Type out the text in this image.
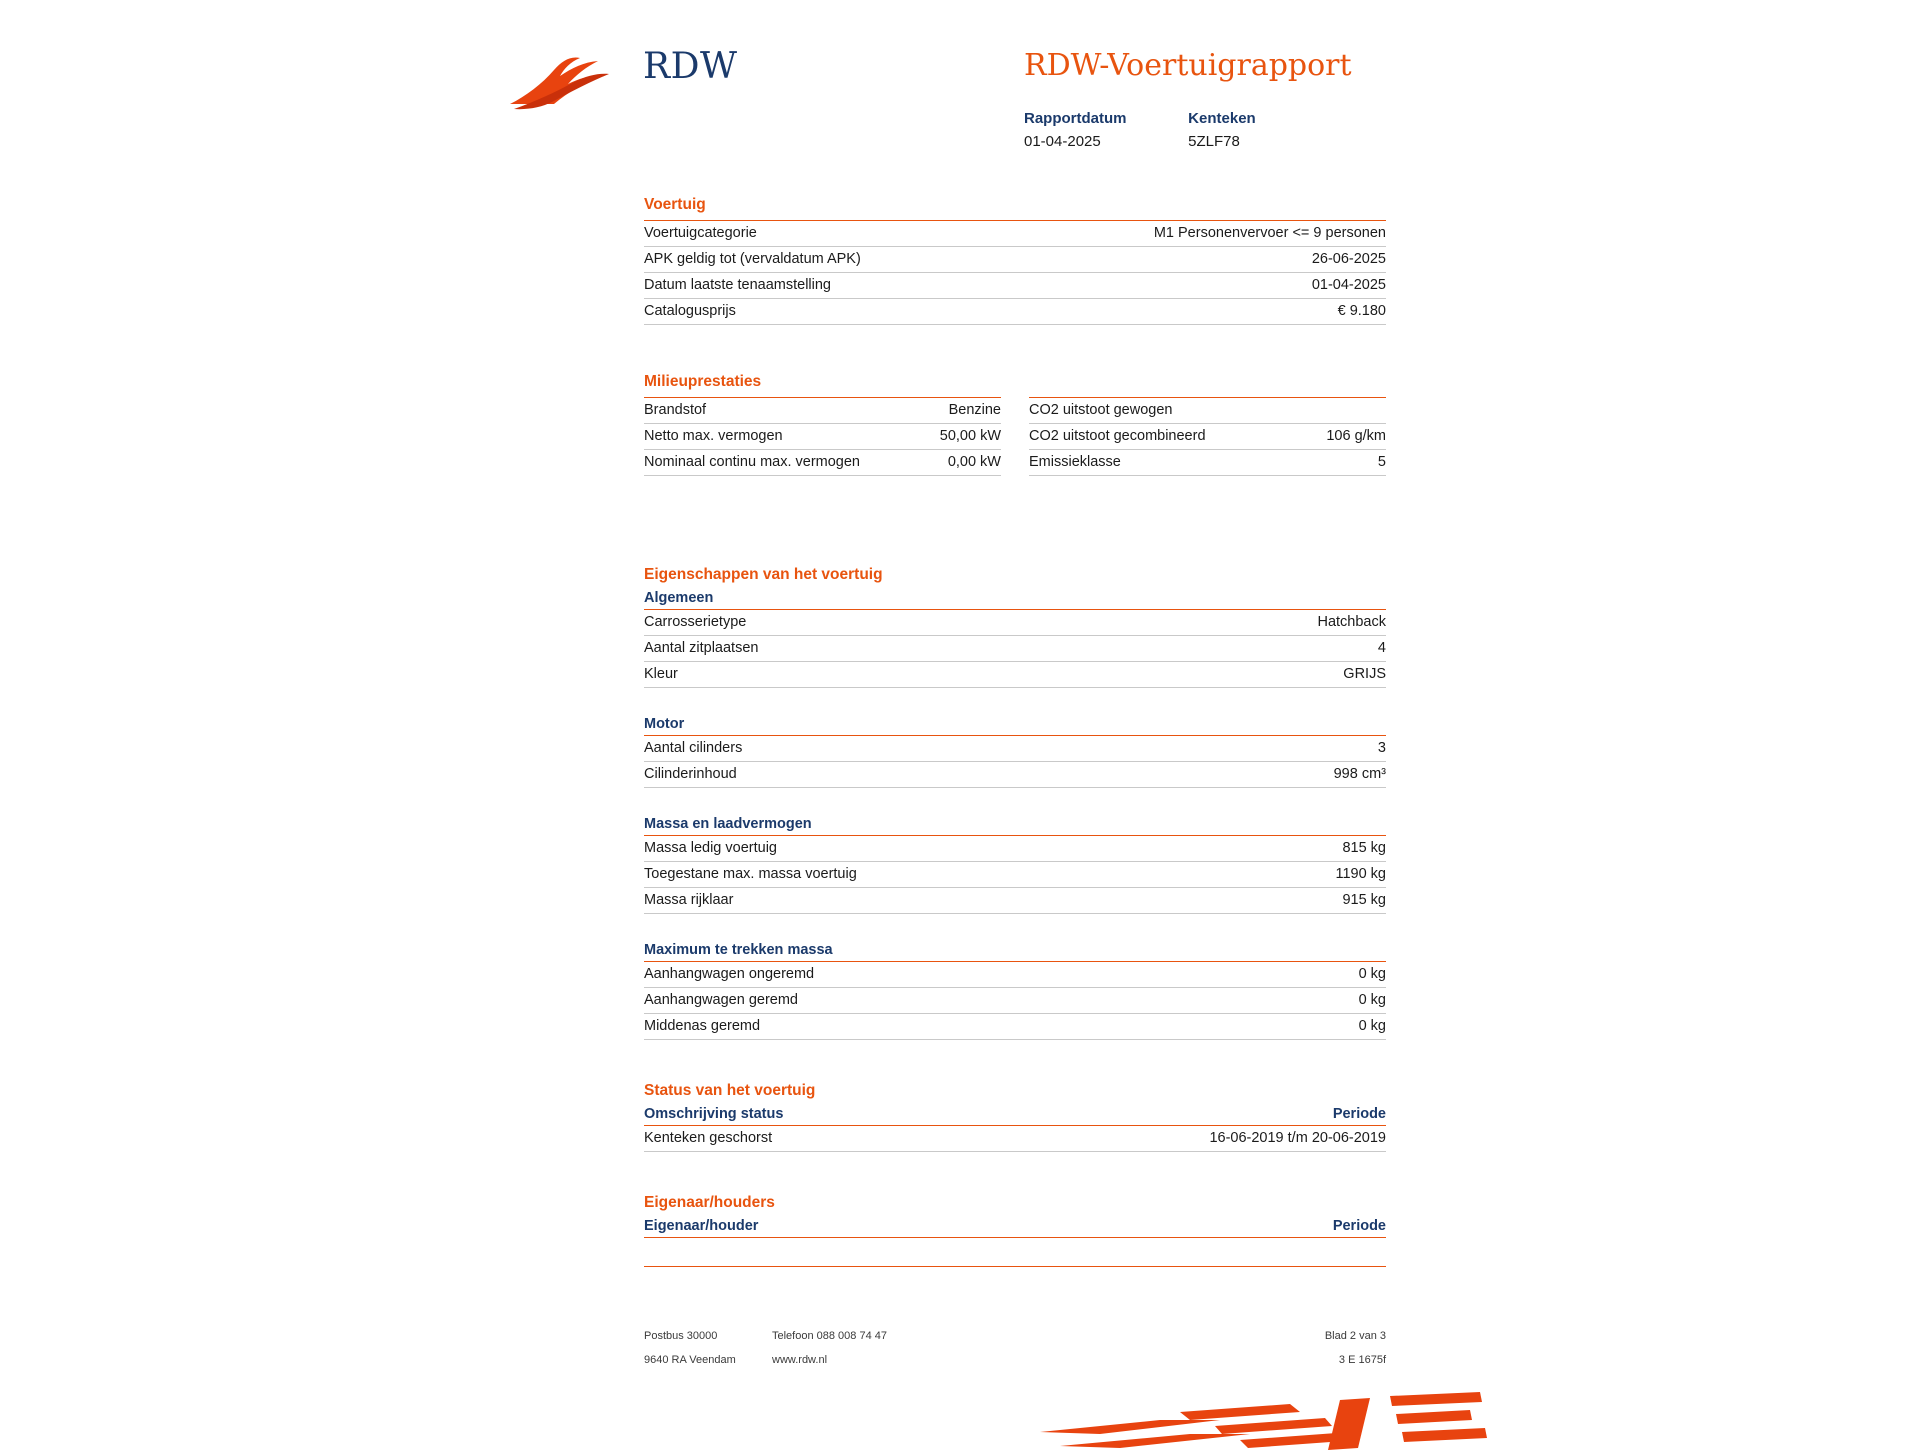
RDW	RDW-Voertuigrapport
Rapportdatum
01-04-2025

Kenteken
5ZLF78
Voertuig
Voertuigcategorie	M1 Personenvervoer <= 9 personen
APK geldig tot (vervaldatum APK)	26-06-2025
Datum laatste tenaamstelling	01-04-2025
Catalogusprijs	€ 9.180
Milieuprestaties
Brandstof	Benzine
Netto max. vermogen	50,00 kW
Nominaal continu max. vermogen	0,00 kW
CO2 uitstoot gewogen
CO2 uitstoot gecombineerd	106 g/km
Emissieklasse	5
Eigenschappen van het voertuig
Algemeen
Carrosserietype	Hatchback
Aantal zitplaatsen	4
Kleur	GRIJS
Motor
Aantal cilinders	3
Cilinderinhoud	998 cm³
Massa en laadvermogen
Massa ledig voertuig	815 kg
Toegestane max. massa voertuig	1190 kg
Massa rijklaar	915 kg
Maximum te trekken massa
Aanhangwagen ongeremd	0 kg
Aanhangwagen geremd	0 kg
Middenas geremd	0 kg
Status van het voertuig
Omschrijving status	Periode
Kenteken geschorst	16-06-2019 t/m 20-06-2019
Eigenaar/houders
Eigenaar/houder	Periode
Postbus 30000	Telefoon 088 008 74 47	Blad 2 van 3
9640 RA Veendam	www.rdw.nl	3 E 1675f
